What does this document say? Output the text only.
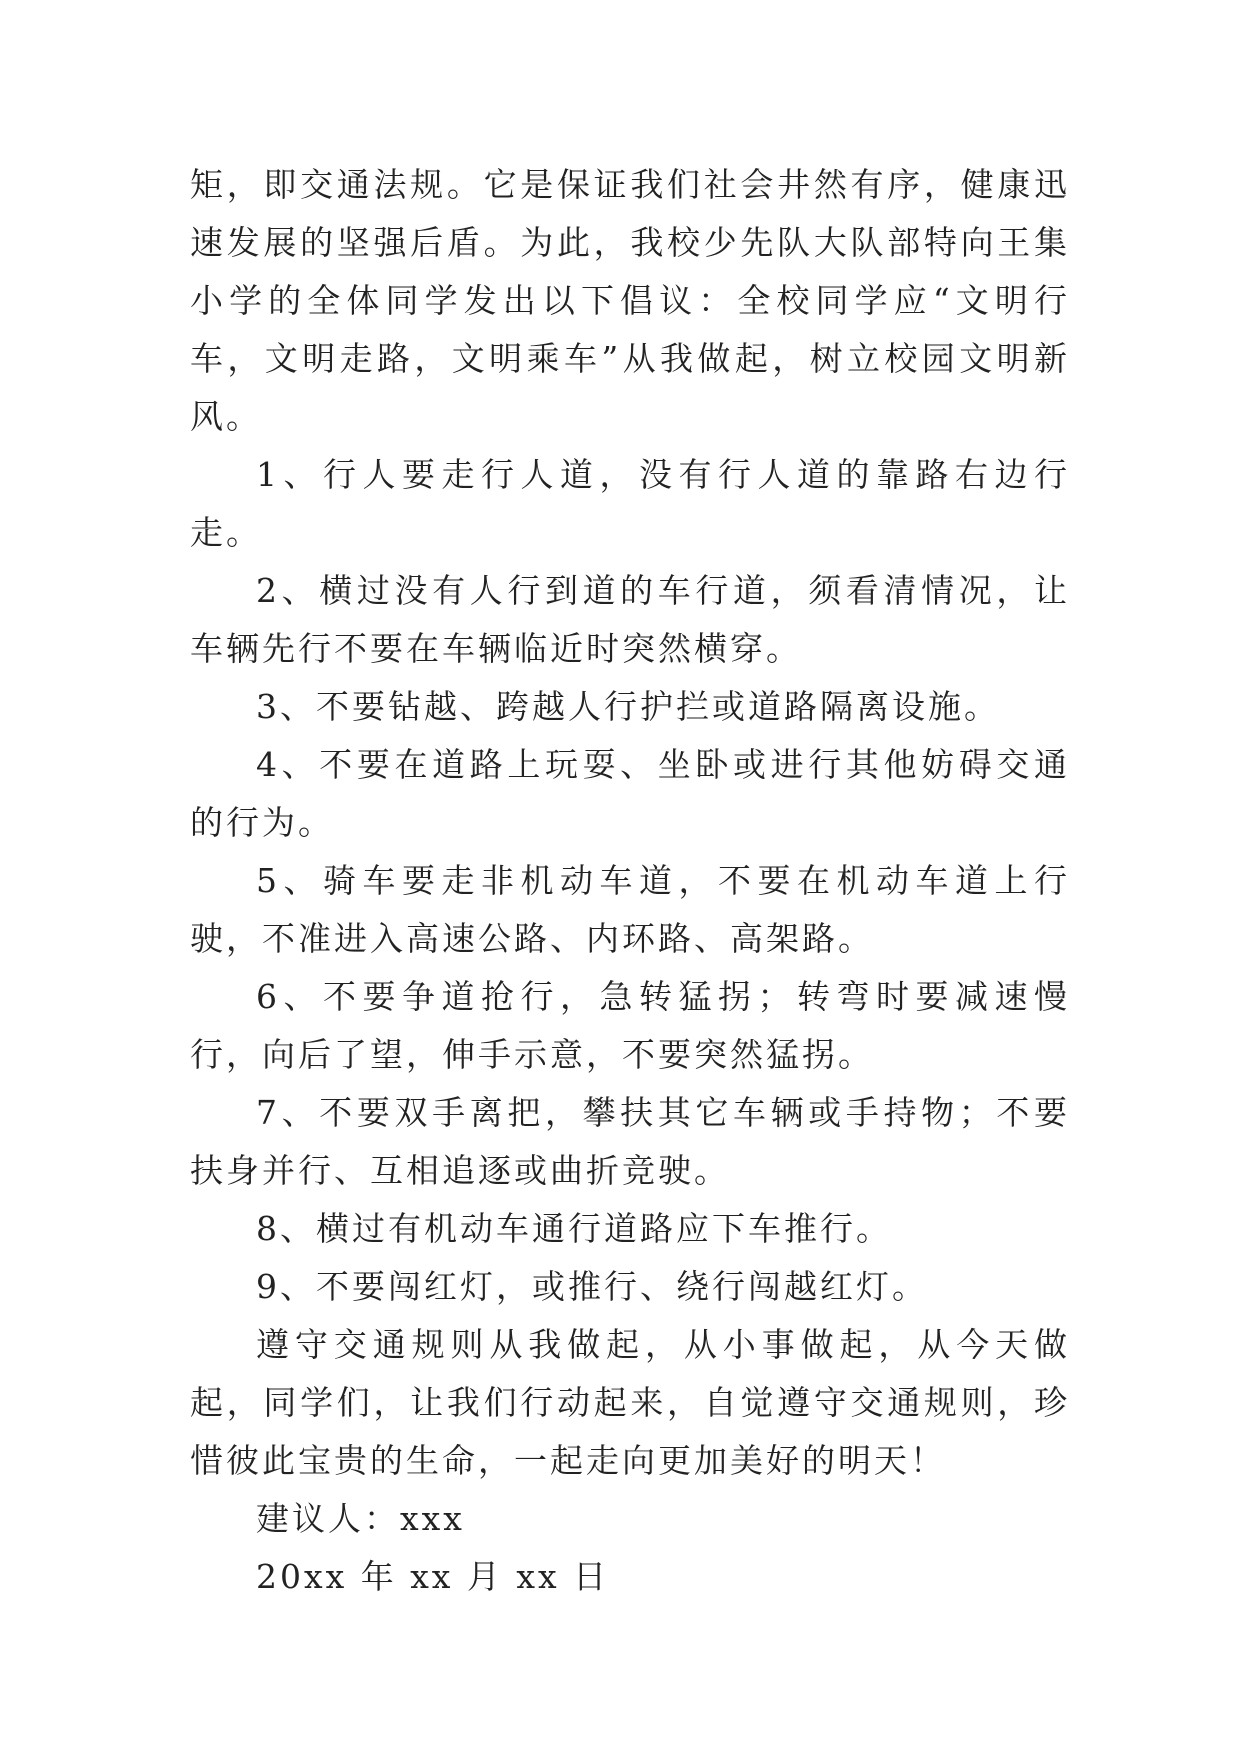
矩，即交通法规。它是保证我们社会井然有序，健康迅速发展的坚强后盾。为此，我校少先队大队部特向王集小学的全体同学发出以下倡议：全校同学应“文明行车，文明走路，文明乘车”从我做起，树立校园文明新风。

1、行人要走行人道，没有行人道的靠路右边行走。

2、横过没有人行到道的车行道，须看清情况，让车辆先行不要在车辆临近时突然横穿。

3、不要钻越、跨越人行护拦或道路隔离设施。

4、不要在道路上玩耍、坐卧或进行其他妨碍交通的行为。

5、骑车要走非机动车道，不要在机动车道上行驶，不准进入高速公路、内环路、高架路。

6、不要争道抢行，急转猛拐；转弯时要减速慢行，向后了望，伸手示意，不要突然猛拐。

7、不要双手离把，攀扶其它车辆或手持物；不要扶身并行、互相追逐或曲折竞驶。

8、横过有机动车通行道路应下车推行。

9、不要闯红灯，或推行、绕行闯越红灯。

遵守交通规则从我做起，从小事做起，从今天做起，同学们，让我们行动起来，自觉遵守交通规则，珍惜彼此宝贵的生命，一起走向更加美好的明天！

建议人：xxx

20xx 年 xx 月 xx 日
